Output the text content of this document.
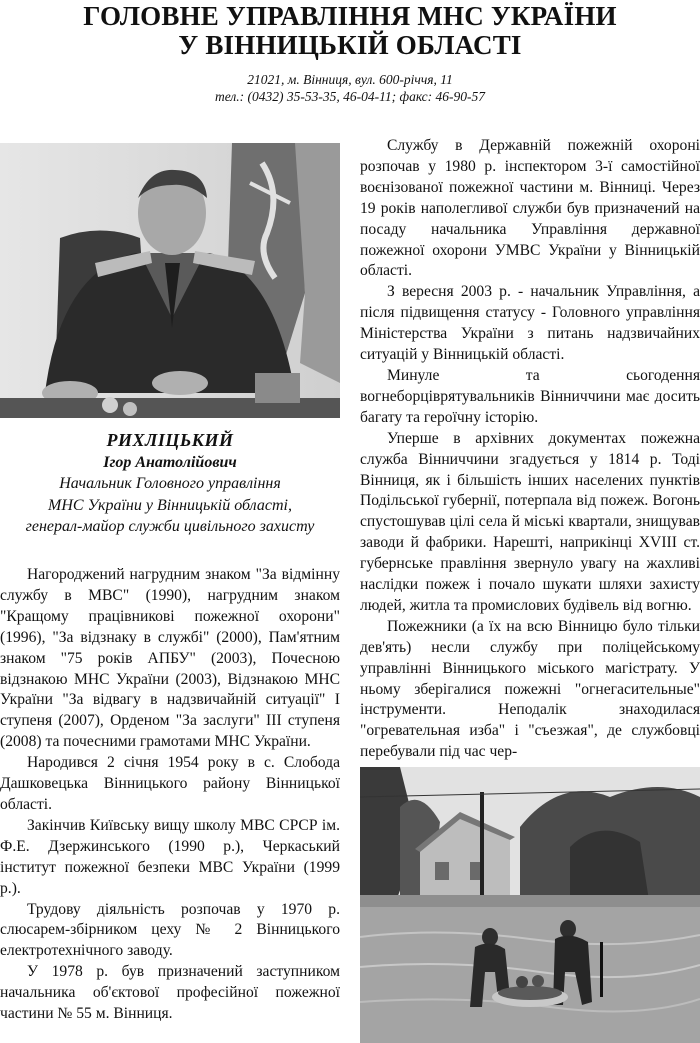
ГОЛОВНЕ УПРАВЛІННЯ МНС УКРАЇНИ
У ВІННИЦЬКІЙ ОБЛАСТІ
21021, м. Вінниця, вул. 600-річчя, 11
тел.: (0432) 35-53-35, 46-04-11; факс: 46-90-57
РИХЛІЦЬКИЙ
Ігор Анатолійович
Начальник Головного управління
МНС України у Вінницькій області,
генерал-майор служби цивільного захисту

Нагороджений нагрудним знаком "За відмінну службу в МВС" (1990), нагрудним знаком "Кращому працівникові пожежної охорони" (1996), "За відзнаку в службі" (2000), Пам'ятним знаком "75 років АПБУ" (2003), Почесною відзнакою МНС України (2003), Відзнакою МНС України "За відвагу в надзвичайній ситуації" І ступеня (2007), Орденом "За заслуги" ІІІ ступеня (2008) та почесними грамотами МНС України.

Народився 2 січня 1954 року в с. Слобода Дашковецька Вінницького району Вінницької області.

Закінчив Київську вищу школу МВС СРСР ім. Ф.Е. Дзержинського (1990 р.), Черкаський інститут пожежної безпеки МВС України (1999 р.).

Трудову діяльність розпочав у 1970 р. слюсарем-збірником цеху № 2 Вінницького електротехнічного заводу.

У 1978 р. був призначений заступником начальника об'єктової професійної пожежної частини № 55 м. Вінниця.

Службу в Державній пожежній охороні розпочав у 1980 р. інспектором 3-ї самостійної воєнізованої пожежної частини м. Вінниці. Через 19 років наполегливої служби був призначений на посаду начальника Управління державної пожежної охорони УМВС України у Вінницькій області.

З вересня 2003 р. - начальник Управління, а після підвищення статусу - Головного управління Міністерства України з питань надзвичайних ситуацій у Вінницькій області.

Минуле та сьогодення вогнеборціврятувальників Вінниччини має досить багату та героїчну історію.

Уперше в архівних документах пожежна служба Вінниччини згадується у 1814 р. Тоді Вінниця, як і більшість інших населених пунктів Подільської губернії, потерпала від пожеж. Вогонь спустошував цілі села й міські квартали, знищував заводи й фабрики. Нарешті, наприкінці XVIII ст. губернське правління звернуло увагу на жахливі наслідки пожеж і почало шукати шляхи захисту людей, житла та промислових будівель від вогню.

Пожежники (а їх на всю Вінницю було тільки дев'ять) несли службу при поліцейському управлінні Вінницького міського магістрату. У ньому зберігалися пожежні "огнегасительные" інструменти. Неподалік знаходилася "огревательная изба" і "съезжая", де службовці перебували під час чер-
